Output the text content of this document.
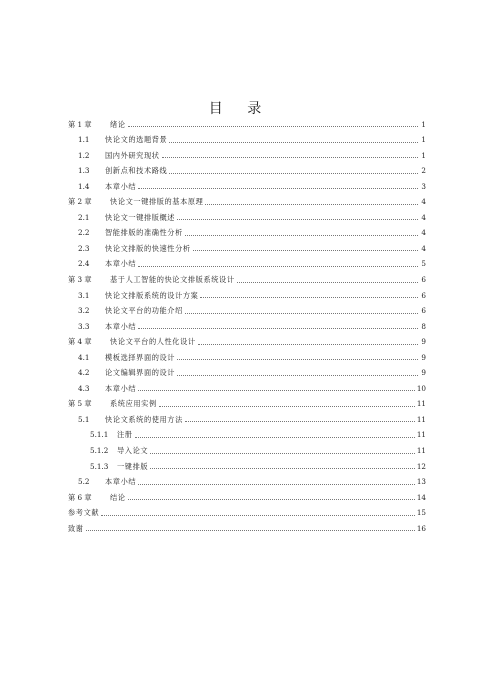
目 录
第 1 章	绪论	1
1.1	快论文的选题背景	1
1.2	国内外研究现状	1
1.3	创新点和技术路线	2
1.4	本章小结	3
第 2 章	快论文一键排版的基本原理	4
2.1	快论文一键排版概述	4
2.2	智能排版的准确性分析	4
2.3	快论文排版的快速性分析	4
2.4	本章小结	5
第 3 章	基于人工智能的快论文排版系统设计	6
3.1	快论文排版系统的设计方案	6
3.2	快论文平台的功能介绍	6
3.3	本章小结	8
第 4 章	快论文平台的人性化设计	9
4.1	模板选择界面的设计	9
4.2	论文编辑界面的设计	9
4.3	本章小结	10
第 5 章	系统应用实例	11
5.1	快论文系统的使用方法	11
5.1.1	注册	11
5.1.2	导入论文	11
5.1.3	一键排版	12
5.2	本章小结	13
第 6 章	结论	14
参考文献	15
致谢	16
